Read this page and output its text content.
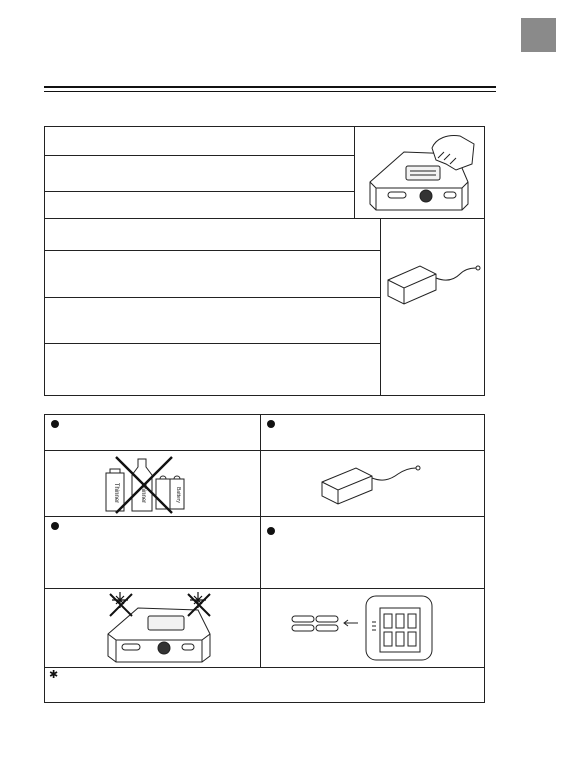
Thinner	Thinner	Battery
✱
